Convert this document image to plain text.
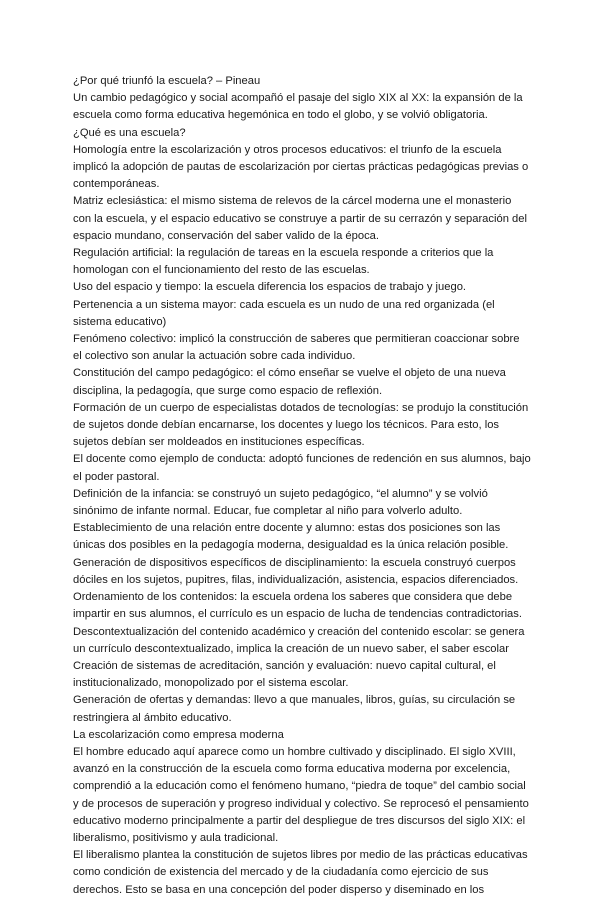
¿Por qué triunfó la escuela? – Pineau

Un cambio pedagógico y social acompañó el pasaje del siglo XIX al XX: la expansión de la escuela como forma educativa hegemónica en todo el globo, y se volvió obligatoria.

¿Qué es una escuela?

Homología entre la escolarización y otros procesos educativos: el triunfo de la escuela implicó la adopción de pautas de escolarización por ciertas prácticas pedagógicas previas o contemporáneas.

Matriz eclesiástica: el mismo sistema de relevos de la cárcel moderna une el monasterio con la escuela, y el espacio educativo se construye a partir de su cerrazón y separación del espacio mundano, conservación del saber valido de la época.

Regulación artificial: la regulación de tareas en la escuela responde a criterios que la homologan con el funcionamiento del resto de las escuelas.

Uso del espacio y tiempo: la escuela diferencia los espacios de trabajo y juego.

Pertenencia a un sistema mayor: cada escuela es un nudo de una red organizada (el sistema educativo)

Fenómeno colectivo: implicó la construcción de saberes que permitieran coaccionar sobre el colectivo son anular la actuación sobre cada individuo.

Constitución del campo pedagógico: el cómo enseñar se vuelve el objeto de una nueva disciplina, la pedagogía, que surge como espacio de reflexión.

Formación de un cuerpo de especialistas dotados de tecnologías: se produjo la constitución de sujetos donde debían encarnarse, los docentes y luego los técnicos. Para esto, los sujetos debían ser moldeados en instituciones específicas.

El docente como ejemplo de conducta: adoptó funciones de redención en sus alumnos, bajo el poder pastoral.

Definición de la infancia: se construyó un sujeto pedagógico, “el alumno” y se volvió sinónimo de infante normal. Educar, fue completar al niño para volverlo adulto.

Establecimiento de una relación entre docente y alumno: estas dos posiciones son las únicas dos posibles en la pedagogía moderna, desigualdad es la única relación posible.

Generación de dispositivos específicos de disciplinamiento: la escuela construyó cuerpos dóciles en los sujetos, pupitres, filas, individualización, asistencia, espacios diferenciados.

Ordenamiento de los contenidos: la escuela ordena los saberes que considera que debe impartir en sus alumnos, el currículo es un espacio de lucha de tendencias contradictorias.

Descontextualización del contenido académico y creación del contenido escolar: se genera un currículo descontextualizado, implica la creación de un nuevo saber, el saber escolar

Creación de sistemas de acreditación, sanción y evaluación: nuevo capital cultural, el institucionalizado, monopolizado por el sistema escolar.

Generación de ofertas y demandas: llevo a que manuales, libros, guías, su circulación se restringiera al ámbito educativo.

La escolarización como empresa moderna

El hombre educado aquí aparece como un hombre cultivado y disciplinado. El siglo XVIII, avanzó en la construcción de la escuela como forma educativa moderna por excelencia, comprendió a la educación como el fenómeno humano, “piedra de toque” del cambio social y de procesos de superación y progreso individual y colectivo. Se reprocesó el pensamiento educativo moderno principalmente a partir del despliegue de tres discursos del siglo XIX: el liberalismo, positivismo y aula tradicional.

El liberalismo plantea la constitución de sujetos libres por medio de las prácticas educativas como condición de existencia del mercado y de la ciudadanía como ejercicio de sus derechos. Esto se basa en una concepción del poder disperso y diseminado en los
